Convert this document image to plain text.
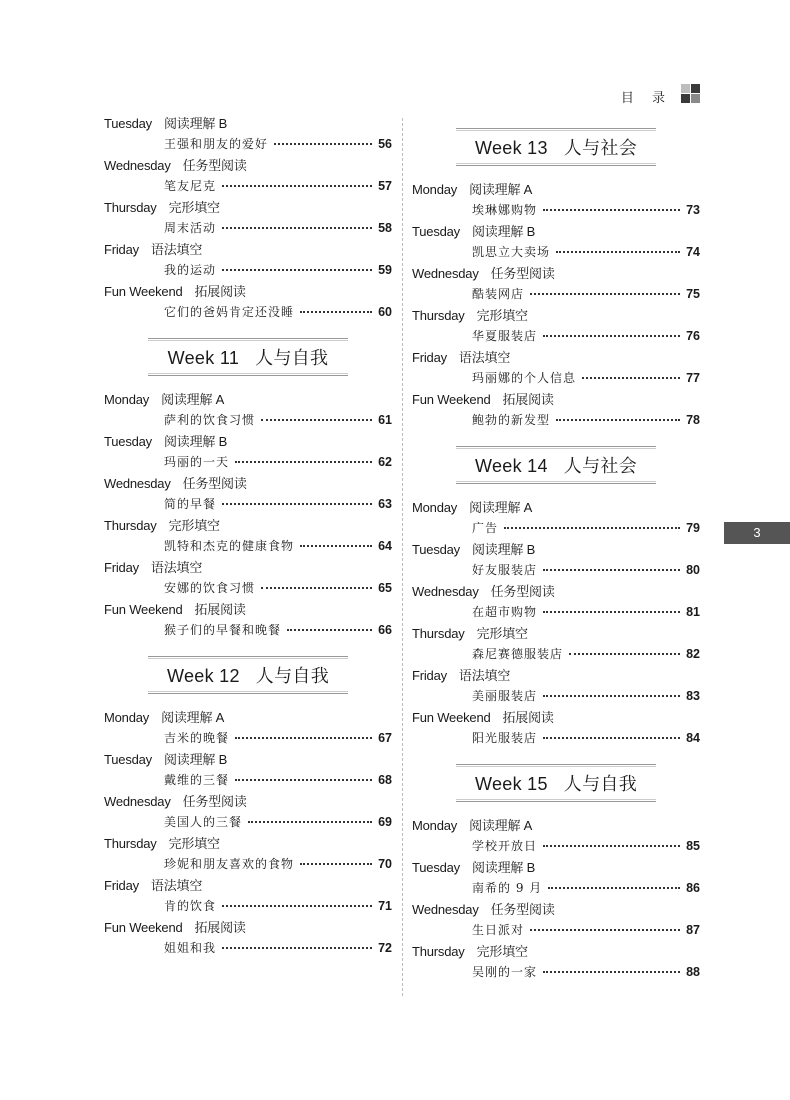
目 录
3
Tuesday 阅读理解 B
王强和朋友的爱好	56
Wednesday 任务型阅读
笔友尼克	57
Thursday 完形填空
周末活动	58
Friday 语法填空
我的运动	59
Fun Weekend 拓展阅读
它们的爸妈肯定还没睡	60
Week 11 人与自我
Monday 阅读理解 A
萨利的饮食习惯	61
Tuesday 阅读理解 B
玛丽的一天	62
Wednesday 任务型阅读
简的早餐	63
Thursday 完形填空
凯特和杰克的健康食物	64
Friday 语法填空
安娜的饮食习惯	65
Fun Weekend 拓展阅读
猴子们的早餐和晚餐	66
Week 12 人与自我
Monday 阅读理解 A
吉米的晚餐	67
Tuesday 阅读理解 B
戴维的三餐	68
Wednesday 任务型阅读
美国人的三餐	69
Thursday 完形填空
珍妮和朋友喜欢的食物	70
Friday 语法填空
肯的饮食	71
Fun Weekend 拓展阅读
姐姐和我	72
Week 13 人与社会
Monday 阅读理解 A
埃琳娜购物	73
Tuesday 阅读理解 B
凯思立大卖场	74
Wednesday 任务型阅读
酷装网店	75
Thursday 完形填空
华夏服装店	76
Friday 语法填空
玛丽娜的个人信息	77
Fun Weekend 拓展阅读
鲍勃的新发型	78
Week 14 人与社会
Monday 阅读理解 A
广告	79
Tuesday 阅读理解 B
好友服装店	80
Wednesday 任务型阅读
在超市购物	81
Thursday 完形填空
森尼赛德服装店	82
Friday 语法填空
美丽服装店	83
Fun Weekend 拓展阅读
阳光服装店	84
Week 15 人与自我
Monday 阅读理解 A
学校开放日	85
Tuesday 阅读理解 B
南希的 9 月	86
Wednesday 任务型阅读
生日派对	87
Thursday 完形填空
吴刚的一家	88
